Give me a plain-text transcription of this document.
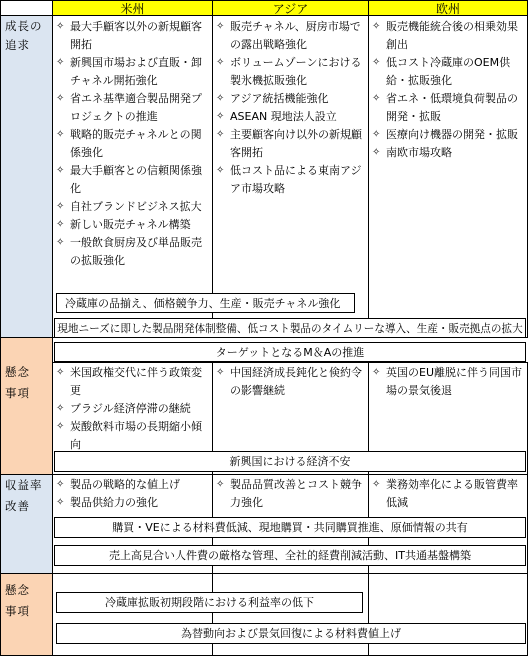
米州	アジア	欧州
成長の
追求
✧ 最大手顧客以外の新規顧客開拓
✧ 新興国市場および直販・卸チャネル開拓強化
✧ 省エネ基準適合製品開発プロジェクトの推進
✧ 戦略的販売チャネルとの関係強化
✧ 最大手顧客との信頼関係強化
✧ 自社ブランドビジネス拡大
✧ 新しい販売チャネル構築
✧ 一般飲食厨房及び単品販売の拡販強化
✧ 販売チャネル、厨房市場での露出戦略強化
✧ ボリュームゾーンにおける製氷機拡販強化
✧ アジア統括機能強化
✧ ASEAN 現地法人設立
✧ 主要顧客向け以外の新規顧客開拓
✧ 低コスト品による東南アジア市場攻略
✧ 販売機能統合後の相乗効果創出
✧ 低コスト冷蔵庫のOEM供給・拡販強化
✧ 省エネ・低環境負荷製品の開発・拡販
✧ 医療向け機器の開発・拡販
✧ 南欧市場攻略
冷蔵庫の品揃え、価格競争力、生産・販売チャネル強化
現地ニーズに即した製品開発体制整備、低コスト製品のタイムリーな導入、生産・販売拠点の拡大
ターゲットとなるM＆Aの推進
懸念
事項
✧ 米国政権交代に伴う政策変更
✧ ブラジル経済停滞の継続
✧ 炭酸飲料市場の長期縮小傾向
✧ 中国経済成長鈍化と倹約令の影響継続
✧ 英国のEU離脱に伴う同国市場の景気後退
新興国における経済不安
収益率
改善
✧ 製品の戦略的な値上げ
✧ 製品供給力の強化
✧ 製品品質改善とコスト競争力強化
✧ 業務効率化による販管費率低減
購買・VEによる材料費低減、現地購買・共同購買推進、原価情報の共有
売上高見合い人件費の厳格な管理、全社的経費削減活動、IT共通基盤構築
懸念
事項
冷蔵庫拡販初期段階における利益率の低下
為替動向および景気回復による材料費値上げ
